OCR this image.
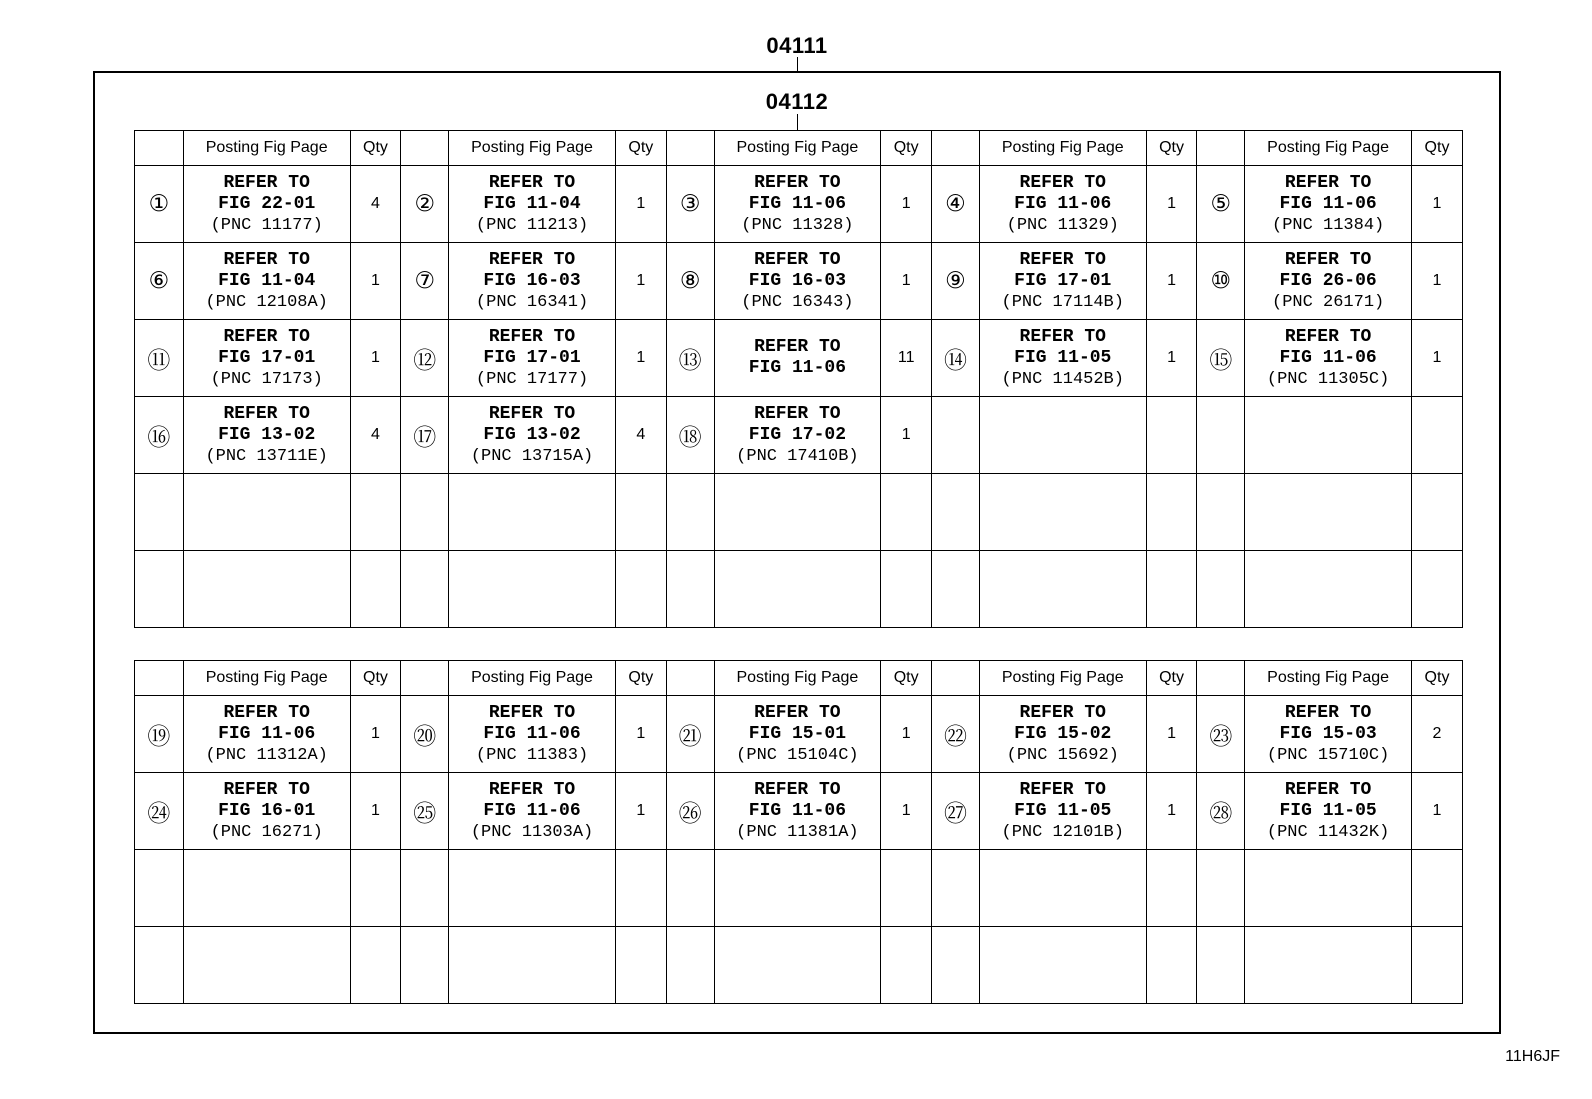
04111
04112
	Posting Fig Page	Qty		Posting Fig Page	Qty		Posting Fig Page	Qty		Posting Fig Page	Qty		Posting Fig Page	Qty
①	REFER TO
FIG 22-01
(PNC 11177)	4	②	REFER TO
FIG 11-04
(PNC 11213)	1	③	REFER TO
FIG 11-06
(PNC 11328)	1	④	REFER TO
FIG 11-06
(PNC 11329)	1	⑤	REFER TO
FIG 11-06
(PNC 11384)	1
⑥	REFER TO
FIG 11-04
(PNC 12108A)	1	⑦	REFER TO
FIG 16-03
(PNC 16341)	1	⑧	REFER TO
FIG 16-03
(PNC 16343)	1	⑨	REFER TO
FIG 17-01
(PNC 17114B)	1	⑩	REFER TO
FIG 26-06
(PNC 26171)	1
⑪	REFER TO
FIG 17-01
(PNC 17173)	1	⑫	REFER TO
FIG 17-01
(PNC 17177)	1	⑬	REFER TO
FIG 11-06	11	⑭	REFER TO
FIG 11-05
(PNC 11452B)	1	⑮	REFER TO
FIG 11-06
(PNC 11305C)	1
⑯	REFER TO
FIG 13-02
(PNC 13711E)	4	⑰	REFER TO
FIG 13-02
(PNC 13715A)	4	⑱	REFER TO
FIG 17-02
(PNC 17410B)	1		

	Posting Fig Page	Qty		Posting Fig Page	Qty		Posting Fig Page	Qty		Posting Fig Page	Qty		Posting Fig Page	Qty
⑲	REFER TO
FIG 11-06
(PNC 11312A)	1	⑳	REFER TO
FIG 11-06
(PNC 11383)	1	㉑	REFER TO
FIG 15-01
(PNC 15104C)	1	㉒	REFER TO
FIG 15-02
(PNC 15692)	1	㉓	REFER TO
FIG 15-03
(PNC 15710C)	2
㉔	REFER TO
FIG 16-01
(PNC 16271)	1	㉕	REFER TO
FIG 11-06
(PNC 11303A)	1	㉖	REFER TO
FIG 11-06
(PNC 11381A)	1	㉗	REFER TO
FIG 11-05
(PNC 12101B)	1	㉘	REFER TO
FIG 11-05
(PNC 11432K)	1

11H6JF
